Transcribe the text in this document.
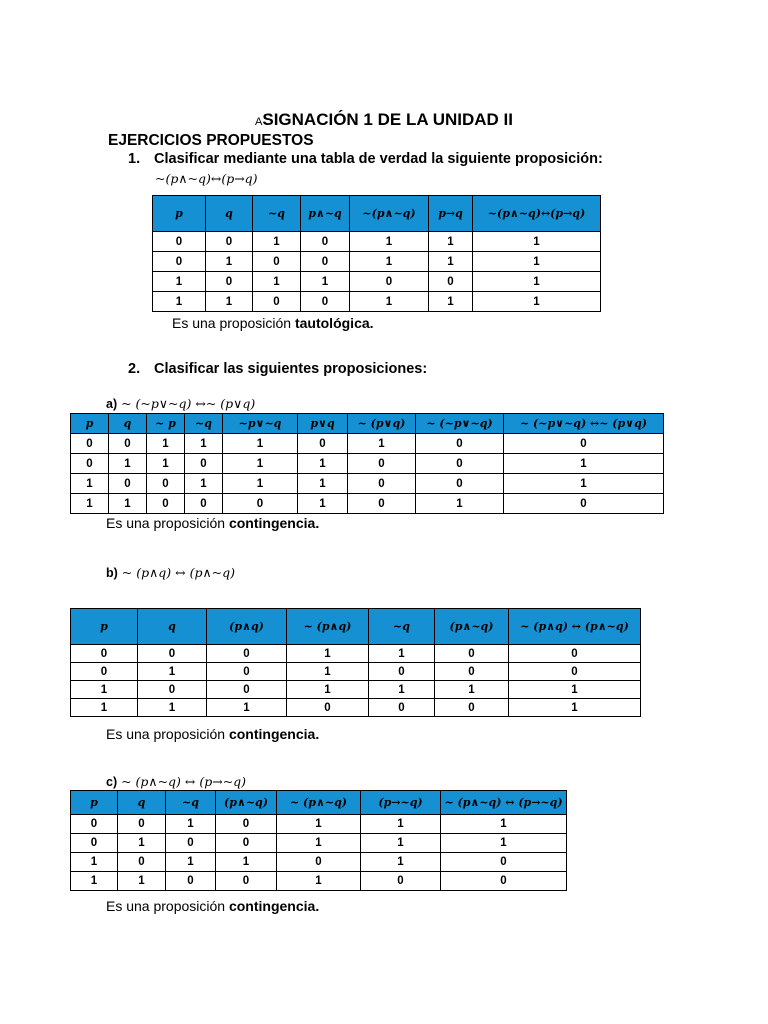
ASIGNACIÓN 1 DE LA UNIDAD II
EJERCICIOS PROPUESTOS
1. Clasificar mediante una tabla de verdad la siguiente proposición:
~(p∧~q)↔(p→q)
p	q	~q	p∧~q	~(p∧~q)	p→q	~(p∧~q)↔(p→q)
0	0	1	0	1	1	1
0	1	0	0	1	1	1
1	0	1	1	0	0	1
1	1	0	0	1	1	1
Es una proposición tautológica.
2. Clasificar las siguientes proposiciones:
a) ~ (~p∨~q) ↔~ (p∨q)
p	q	~ p	~q	~p∨~q	p∨q	~ (p∨q)	~ (~p∨~q)	~ (~p∨~q) ↔~ (p∨q)
0	0	1	1	1	0	1	0	0
0	1	1	0	1	1	0	0	1
1	0	0	1	1	1	0	0	1
1	1	0	0	0	1	0	1	0
Es una proposición contingencia.
b) ~ (p∧q) ↔ (p∧~q)
p	q	(p∧q)	~ (p∧q)	~q	(p∧~q)	~ (p∧q) ↔ (p∧~q)
0	0	0	1	1	0	0
0	1	0	1	0	0	0
1	0	0	1	1	1	1
1	1	1	0	0	0	1
Es una proposición contingencia.
c) ~ (p∧~q) ↔ (p→~q)
p	q	~q	(p∧~q)	~ (p∧~q)	(p→~q)	~ (p∧~q) ↔ (p→~q)
0	0	1	0	1	1	1
0	1	0	0	1	1	1
1	0	1	1	0	1	0
1	1	0	0	1	0	0
Es una proposición contingencia.
